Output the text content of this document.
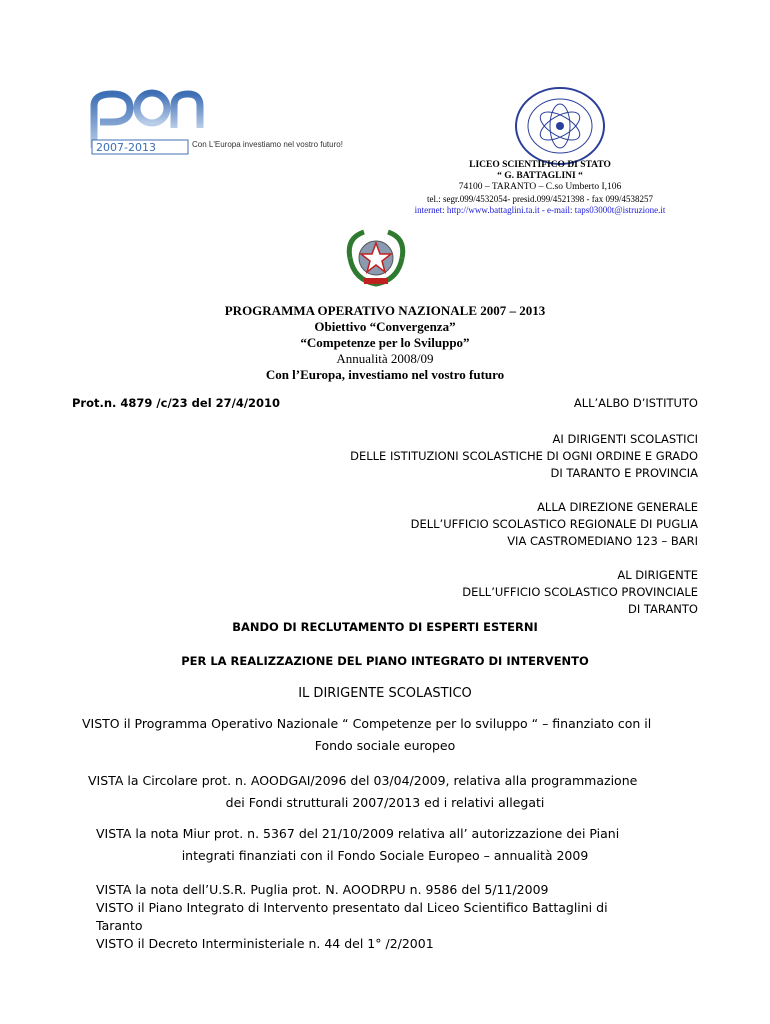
2007-2013	Con L'Europa investiamo nel vostro futuro!
LICEO SCIENTIFICO DI STATO
“ G. BATTAGLINI “
74100 – TARANTO – C.so Umberto I,106
tel.: segr.099/4532054- presid.099/4521398 - fax 099/4538257
internet: http://www.battaglini.ta.it - e-mail: taps03000t@istruzione.it
PROGRAMMA OPERATIVO NAZIONALE 2007 – 2013
Obiettivo “Convergenza”
“Competenze per lo Sviluppo”
Annualità 2008/09
Con l’Europa, investiamo nel vostro futuro
Prot.n. 4879 /c/23 del 27/4/2010	ALL’ALBO D’ISTITUTO
AI DIRIGENTI SCOLASTICI
DELLE ISTITUZIONI SCOLASTICHE DI OGNI ORDINE E GRADO
DI TARANTO E PROVINCIA
ALLA DIREZIONE GENERALE
DELL’UFFICIO SCOLASTICO REGIONALE DI PUGLIA
VIA CASTROMEDIANO 123 – BARI
AL DIRIGENTE
DELL’UFFICIO SCOLASTICO PROVINCIALE
DI TARANTO
BANDO DI RECLUTAMENTO DI ESPERTI ESTERNI
PER LA REALIZZAZIONE DEL PIANO INTEGRATO DI INTERVENTO
IL DIRIGENTE SCOLASTICO
VISTO il Programma Operativo Nazionale “ Competenze per lo sviluppo “ – finanziato con il
Fondo sociale europeo
VISTA la Circolare prot. n. AOODGAI/2096 del 03/04/2009, relativa alla programmazione
dei Fondi strutturali 2007/2013 ed i relativi allegati
VISTA la nota Miur prot. n. 5367 del 21/10/2009 relativa all’ autorizzazione dei Piani
integrati finanziati con il Fondo Sociale Europeo – annualità 2009
VISTA la nota dell’U.S.R. Puglia prot. N. AOODRPU n. 9586 del 5/11/2009
VISTO il Piano Integrato di Intervento presentato dal Liceo Scientifico Battaglini di
Taranto
VISTO il Decreto Interministeriale n. 44 del 1° /2/2001
